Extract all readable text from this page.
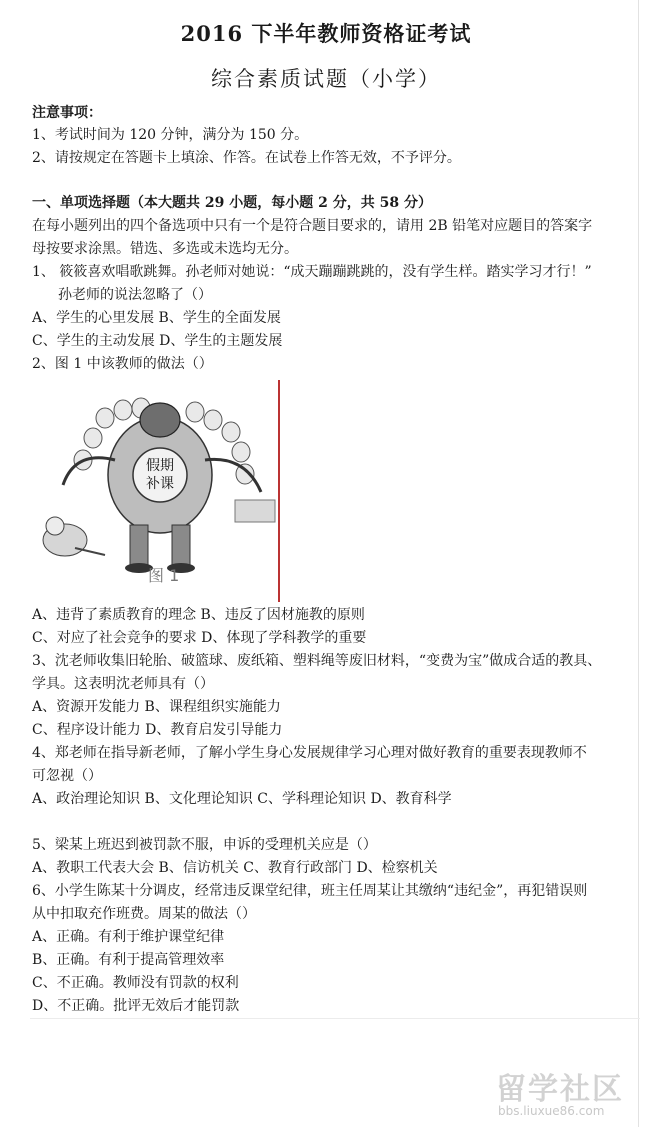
2016 下半年教师资格证考试
综合素质试题（小学）
注意事项：
1、考试时间为 120 分钟，满分为 150 分。
2、请按规定在答题卡上填涂、作答。在试卷上作答无效，不予评分。
一、单项选择题（本大题共 29 小题，每小题 2 分，共 58 分）
在每小题列出的四个备选项中只有一个是符合题目要求的，请用 2B 铅笔对应题目的答案字
母按要求涂黑。错选、多选或未选均无分。
1、 筱筱喜欢唱歌跳舞。孙老师对她说：“成天蹦蹦跳跳的，没有学生样。踏实学习才行！”
孙老师的说法忽略了（）
A、学生的心里发展 B、学生的全面发展
C、学生的主动发展 D、学生的主题发展
2、图 1 中该教师的做法（）
假期
补课
图 1
A、违背了素质教育的理念 B、违反了因材施教的原则
C、对应了社会竞争的要求 D、体现了学科教学的重要
3、沈老师收集旧轮胎、破篮球、废纸箱、塑料绳等废旧材料，“变费为宝”做成合适的教具、
学具。这表明沈老师具有（）
A、资源开发能力 B、课程组织实施能力
C、程序设计能力 D、教育启发引导能力
4、郑老师在指导新老师，了解小学生身心发展规律学习心理对做好教育的重要表现教师不
可忽视（）
A、政治理论知识 B、文化理论知识 C、学科理论知识 D、教育科学
5、梁某上班迟到被罚款不服，申诉的受理机关应是（）
A、教职工代表大会 B、信访机关 C、教育行政部门 D、检察机关
6、小学生陈某十分调皮，经常违反课堂纪律，班主任周某让其缴纳“违纪金”，再犯错误则
从中扣取充作班费。周某的做法（）
A、正确。有利于维护课堂纪律
B、正确。有利于提高管理效率
C、不正确。教师没有罚款的权利
D、不正确。批评无效后才能罚款
留学社区
bbs.liuxue86.com
